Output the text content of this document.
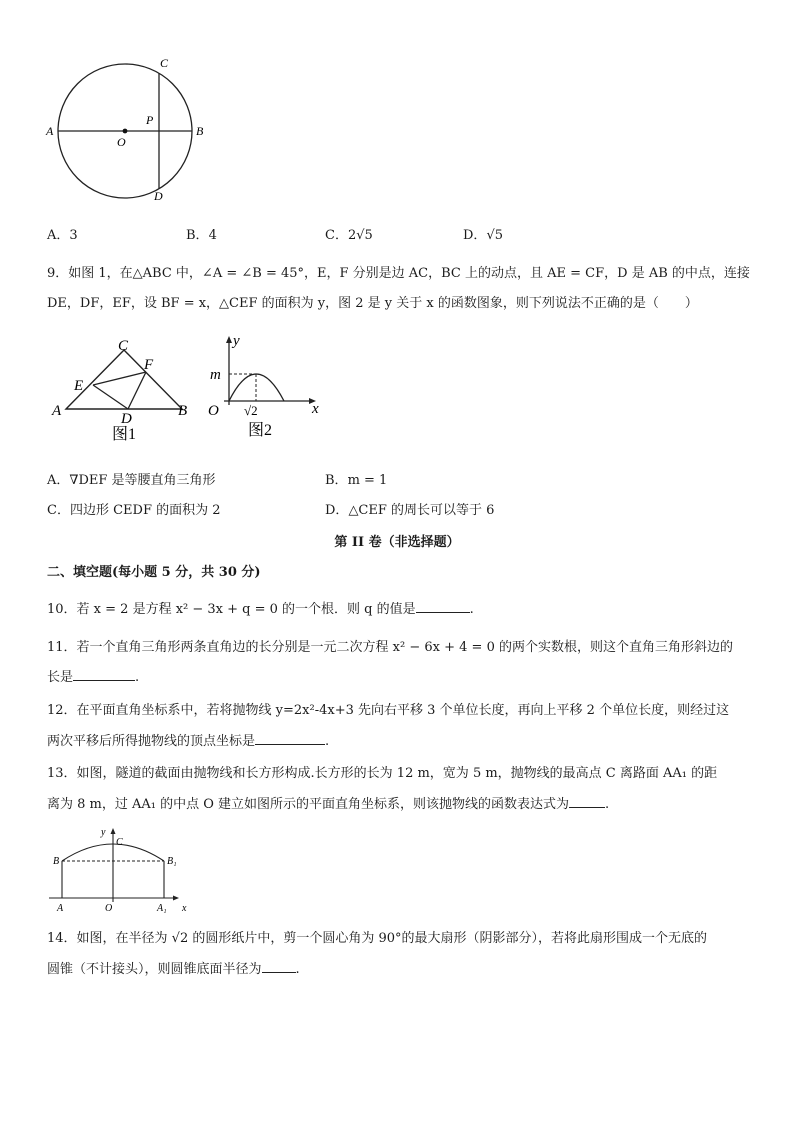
A	B
C
D
O
P
A．3	B．4	C．2√5	D．√5
9．如图 1，在△ABC 中，∠A = ∠B = 45°，E，F 分别是边 AC，BC 上的动点，且 AE = CF，D 是 AB 的中点，连接
DE，DF，EF，设 BF = x，△CEF 的面积为 y，图 2 是 y 关于 x 的函数图象，则下列说法不正确的是（　　）
A	B
C
D
E
F
图1
y
x
O
m
√2
图2
A．∇DEF 是等腰直角三角形	B．m = 1
C．四边形 CEDF 的面积为 2	D．△CEF 的周长可以等于 6
第 II 卷（非选择题）
二、填空题(每小题 5 分，共 30 分)
10．若 x = 2 是方程 x² − 3x + q = 0 的一个根．则 q 的值是	.
11．若一个直角三角形两条直角边的长分别是一元二次方程 x² − 6x + 4 = 0 的两个实数根，则这个直角三角形斜边的
长是	.
12．在平面直角坐标系中，若将抛物线 y=2x²-4x+3 先向右平移 3 个单位长度，再向上平移 2 个单位长度，则经过这
两次平移后所得抛物线的顶点坐标是	.
13．如图，隧道的截面由抛物线和长方形构成.长方形的长为 12 m，宽为 5 m，抛物线的最高点 C 离路面 AA₁ 的距
离为 8 m，过 AA₁ 的中点 O 建立如图所示的平面直角坐标系，则该抛物线的函数表达式为	.
y
C
B	B₁
A	O	A₁ x
14．如图，在半径为 √2 的圆形纸片中，剪一个圆心角为 90°的最大扇形（阴影部分），若将此扇形围成一个无底的
圆锥（不计接头），则圆锥底面半径为	.
